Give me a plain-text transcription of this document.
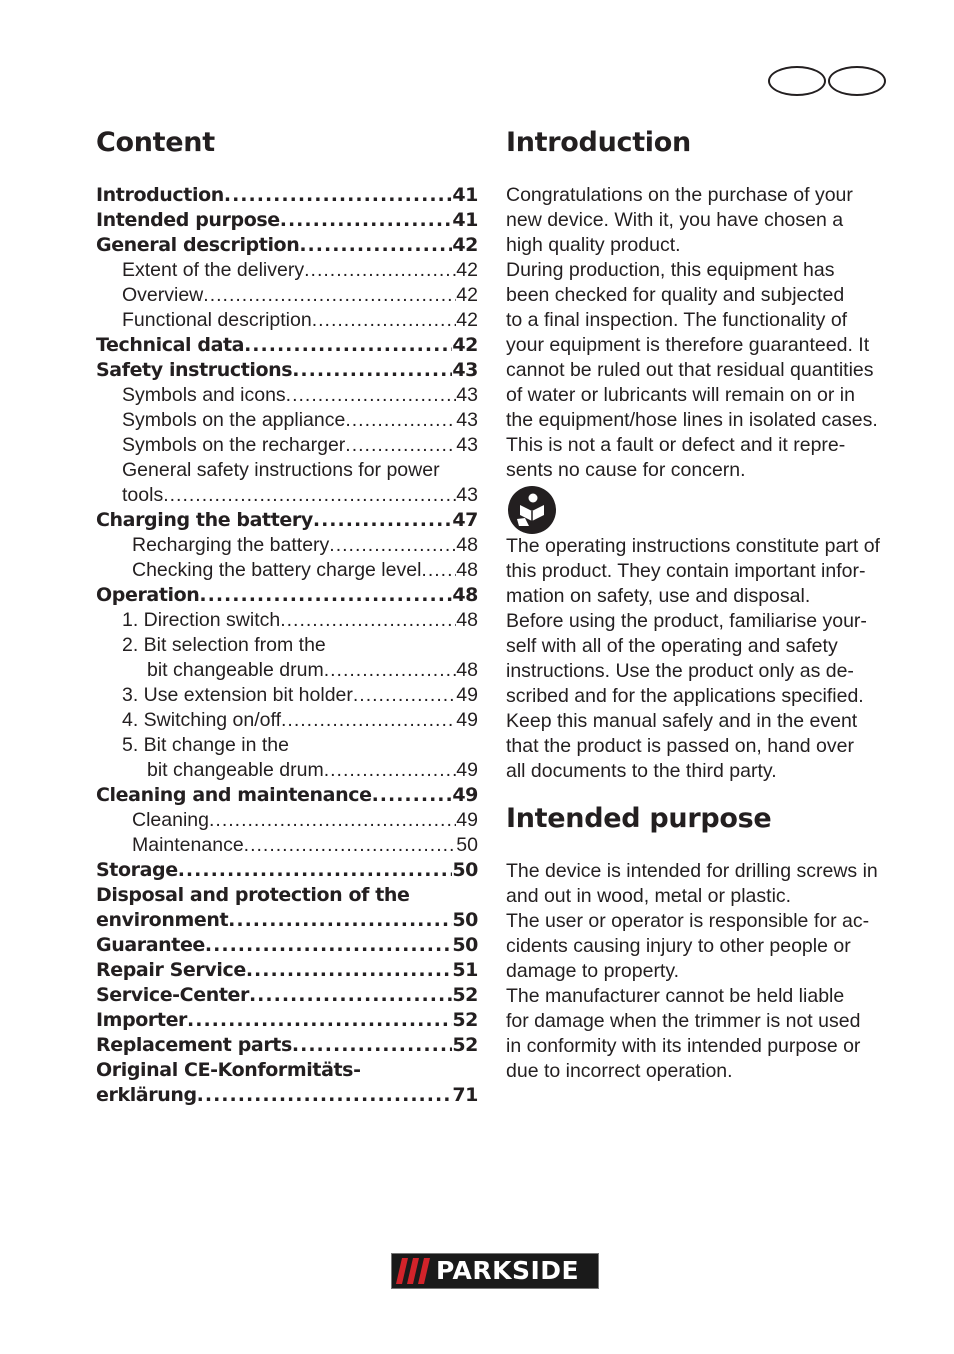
Content
Introduction .....	41
Intended purpose .....	41
General description .....	42
Extent of the delivery .....	42
Overview .....	42
Functional description .....	42
Technical data .....	42
Safety instructions .....	43
Symbols and icons .....	43
Symbols on the appliance .....	43
Symbols on the recharger .....	43
General safety instructions for power
tools .....	43
Charging the battery .....	47
Recharging the battery .....	48
Checking the battery charge level ..... 48
Operation .....	48
1. Direction switch .....	48
2. Bit selection from the
bit changeable drum .....	48
3. Use extension bit holder .....	49
4. Switching on/off .....	49
5. Bit change in the
bit changeable drum .....	49
Cleaning and maintenance .....	49
Cleaning .....	49
Maintenance .....	50
Storage .....	50
Disposal and protection of the
environment .....	50
Guarantee .....	50
Repair Service .....	51
Service-Center .....	52
Importer .....	52
Replacement parts .....	52
Original CE-Konformitäts-
erklärung .....	71
Introduction
Congratulations on the purchase of your
new device. With it, you have chosen a
high quality product.
During production, this equipment has
been checked for quality and subjected
to a final inspection. The functionality of
your equipment is therefore guaranteed. It
cannot be ruled out that residual quantities
of water or lubricants will remain on or in
the equipment/hose lines in isolated cases.
This is not a fault or defect and it repre-
sents no cause for concern.
The operating instructions constitute part of
this product. They contain important infor-
mation on safety, use and disposal.
Before using the product, familiarise your-
self with all of the operating and safety
instructions. Use the product only as de-
scribed and for the applications specified.
Keep this manual safely and in the event
that the product is passed on, hand over
all documents to the third party.
Intended purpose
The device is intended for drilling screws in
and out in wood, metal or plastic.
The user or operator is responsible for ac-
cidents causing injury to other people or
damage to property.
The manufacturer cannot be held liable
for damage when the trimmer is not used
in conformity with its intended purpose or
due to incorrect operation.
PARKSIDE
